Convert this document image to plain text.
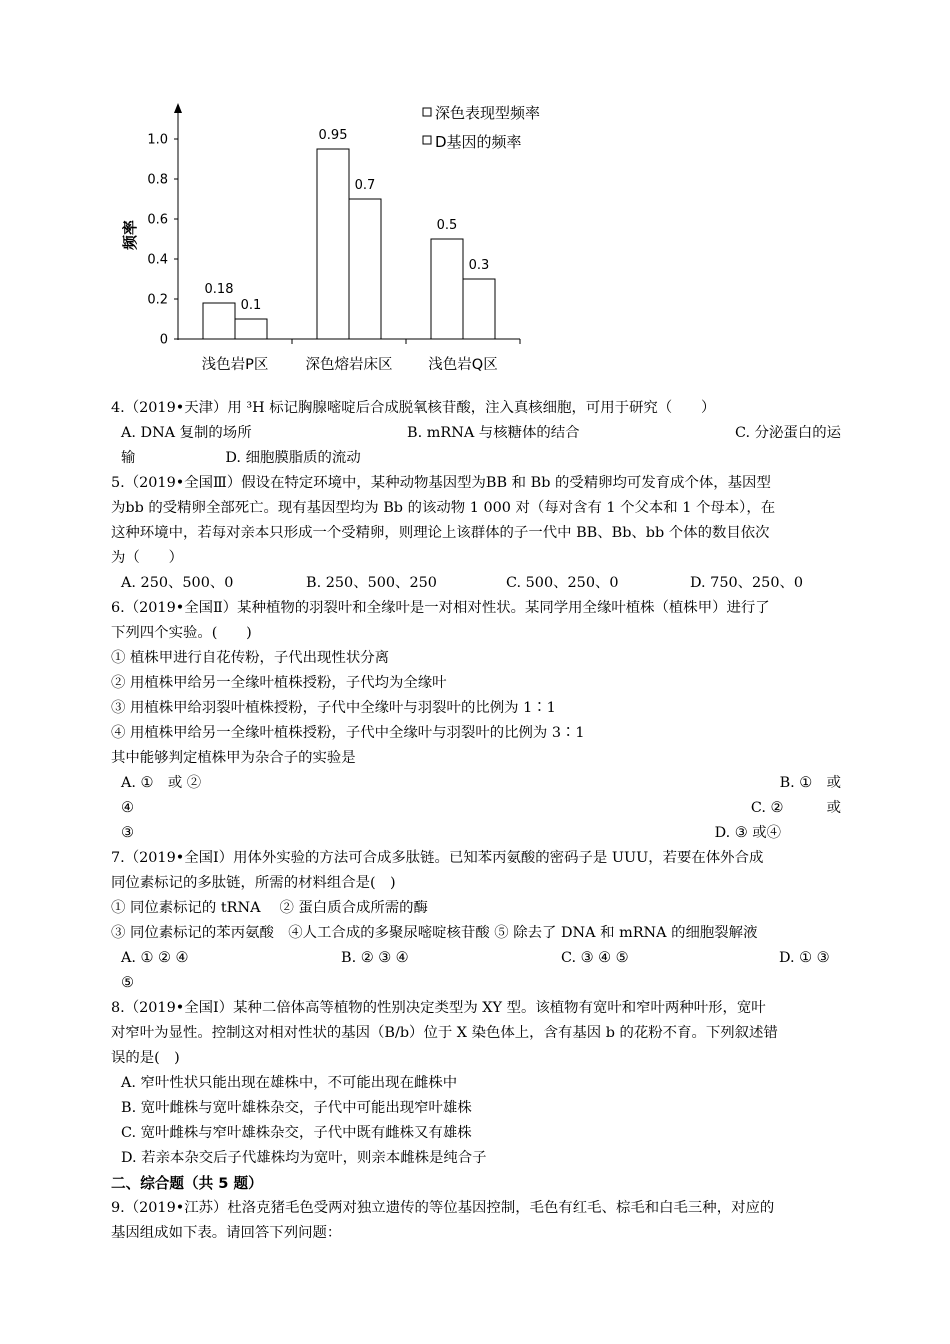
频率
0
0.2
0.4
0.6
0.8
1.0
0.18
0.1
0.95
0.7
0.5
0.3
浅色岩P区	深色熔岩床区 浅色岩Q区
深色表现型频率
D基因的频率
4.（2019•天津）用 ³H 标记胸腺嘧啶后合成脱氧核苷酸，注入真核细胞，可用于研究（　　）
A. DNA 复制的场所	B. mRNA 与核糖体的结合	C. 分泌蛋白的运
输	D. 细胞膜脂质的流动
5.（2019•全国Ⅲ）假设在特定环境中，某种动物基因型为BB 和 Bb 的受精卵均可发育成个体，基因型
为bb 的受精卵全部死亡。现有基因型均为 Bb 的该动物 1 000 对（每对含有 1 个父本和 1 个母本），在
这种环境中，若每对亲本只形成一个受精卵，则理论上该群体的子一代中 BB、Bb、bb 个体的数目依次
为（　　）
A. 250、500、0	B. 250、500、250	C. 500、250、0	D. 750、250、0
6.（2019•全国Ⅱ）某种植物的羽裂叶和全缘叶是一对相对性状。某同学用全缘叶植株（植株甲）进行了
下列四个实验。(　　)
① 植株甲进行自花传粉，子代出现性状分离
② 用植株甲给另一全缘叶植株授粉，子代均为全缘叶
③ 用植株甲给羽裂叶植株授粉，子代中全缘叶与羽裂叶的比例为 1∶1
④ 用植株甲给另一全缘叶植株授粉，子代中全缘叶与羽裂叶的比例为 3∶1
其中能够判定植株甲为杂合子的实验是
A. ①　或 ②	B. ①　或
④	C. ②　　　或
③	D. ③ 或④
7.（2019•全国Ⅰ）用体外实验的方法可合成多肽链。已知苯丙氨酸的密码子是 UUU，若要在体外合成
同位素标记的多肽链，所需的材料组合是(　)
① 同位素标记的 tRNA　 ② 蛋白质合成所需的酶
③ 同位素标记的苯丙氨酸　④人工合成的多聚尿嘧啶核苷酸 ⑤ 除去了 DNA 和 mRNA 的细胞裂解液
A. ① ② ④	B. ② ③ ④	C. ③ ④ ⑤	D. ① ③
⑤
8.（2019•全国Ⅰ）某种二倍体高等植物的性别决定类型为 XY 型。该植物有宽叶和窄叶两种叶形，宽叶
对窄叶为显性。控制这对相对性状的基因（B/b）位于 X 染色体上，含有基因 b 的花粉不育。下列叙述错
误的是(　)
A. 窄叶性状只能出现在雄株中，不可能出现在雌株中
B. 宽叶雌株与宽叶雄株杂交，子代中可能出现窄叶雄株
C. 宽叶雌株与窄叶雄株杂交，子代中既有雌株又有雄株
D. 若亲本杂交后子代雄株均为宽叶，则亲本雌株是纯合子
二、综合题（共 5 题）
9.（2019•江苏）杜洛克猪毛色受两对独立遗传的等位基因控制，毛色有红毛、棕毛和白毛三种，对应的
基因组成如下表。请回答下列问题：
